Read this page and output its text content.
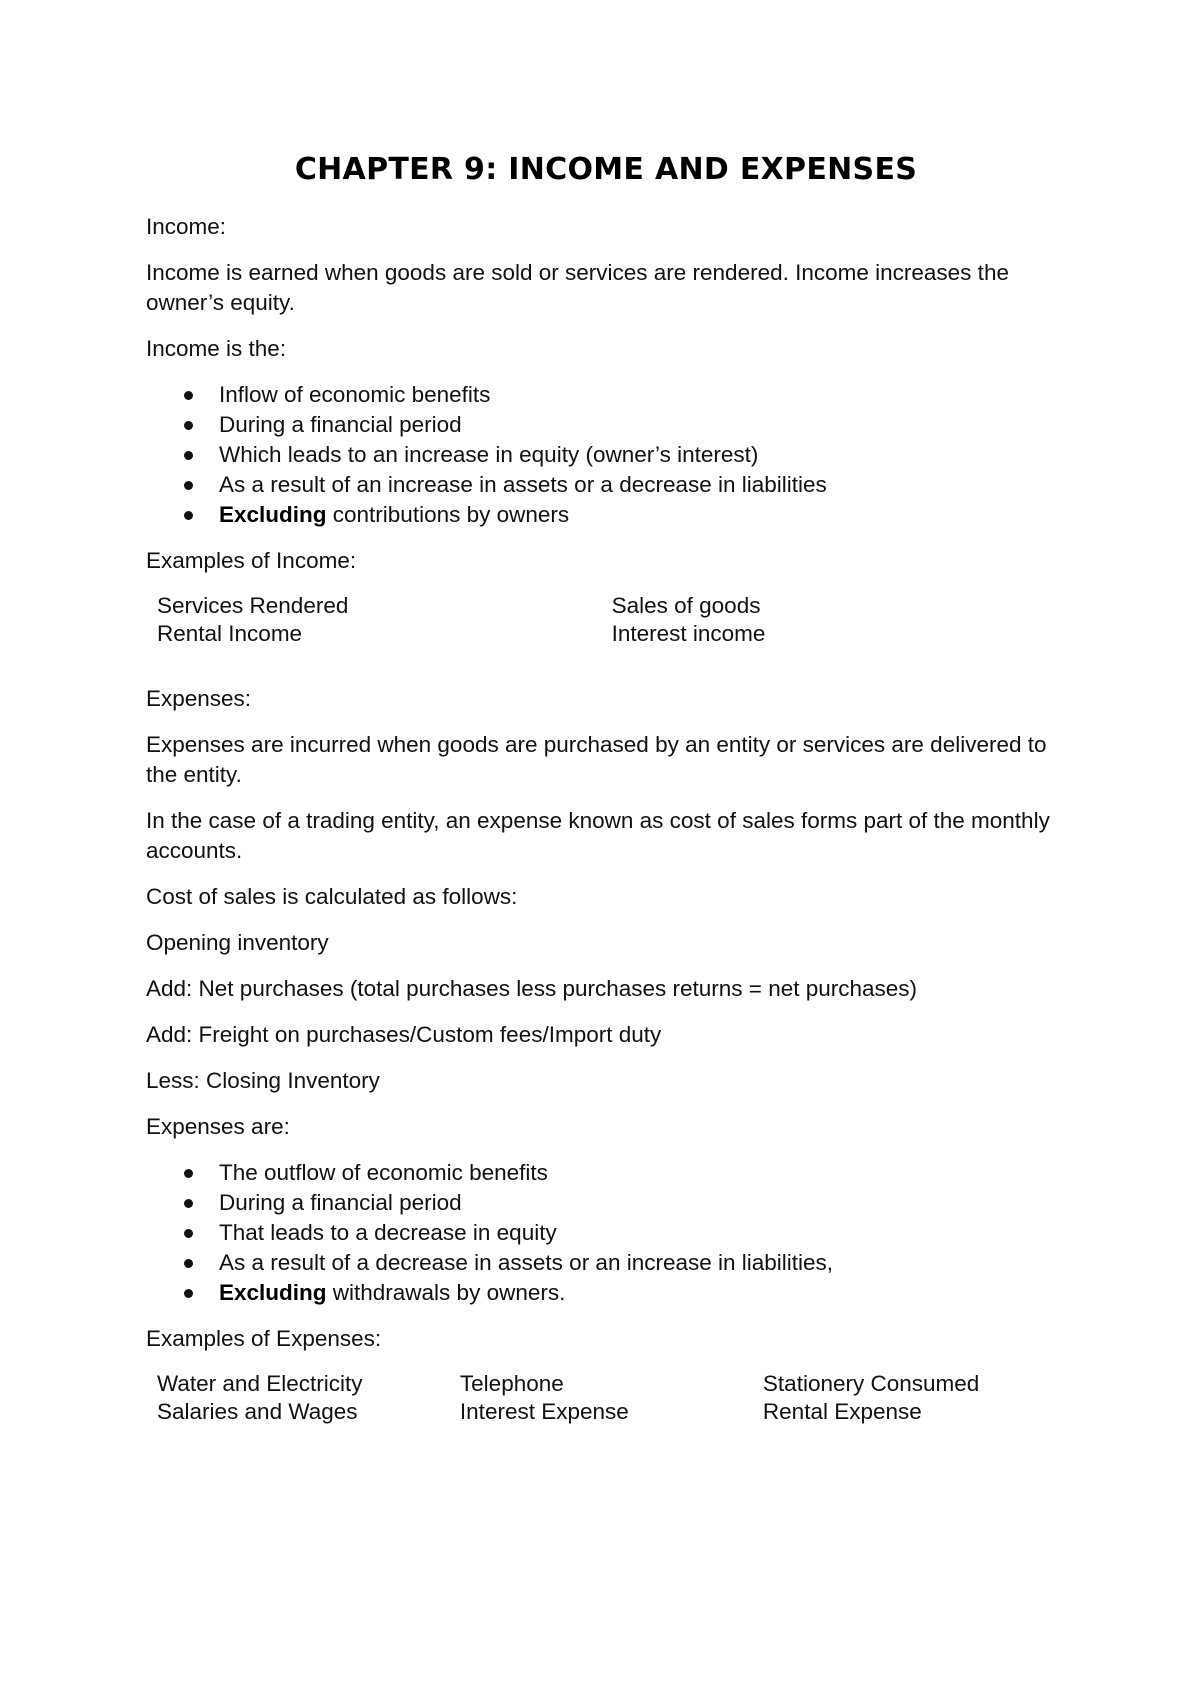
CHAPTER 9: INCOME AND EXPENSES

Income:

Income is earned when goods are sold or services are rendered. Income increases the owner’s equity.

Income is the:

Inflow of economic benefits
During a financial period
Which leads to an increase in equity (owner’s interest)
As a result of an increase in assets or a decrease in liabilities
Excluding contributions by owners

Examples of Income:

Services Rendered	Sales of goods
Rental Income	Interest income

Expenses:

Expenses are incurred when goods are purchased by an entity or services are delivered to the entity.

In the case of a trading entity, an expense known as cost of sales forms part of the monthly accounts.

Cost of sales is calculated as follows:

Opening inventory

Add: Net purchases (total purchases less purchases returns = net purchases)

Add: Freight on purchases/Custom fees/Import duty

Less: Closing Inventory

Expenses are:

The outflow of economic benefits
During a financial period
That leads to a decrease in equity
As a result of a decrease in assets or an increase in liabilities,
Excluding withdrawals by owners.

Examples of Expenses:

Water and Electricity	Telephone	Stationery Consumed
Salaries and Wages	Interest Expense	Rental Expense
